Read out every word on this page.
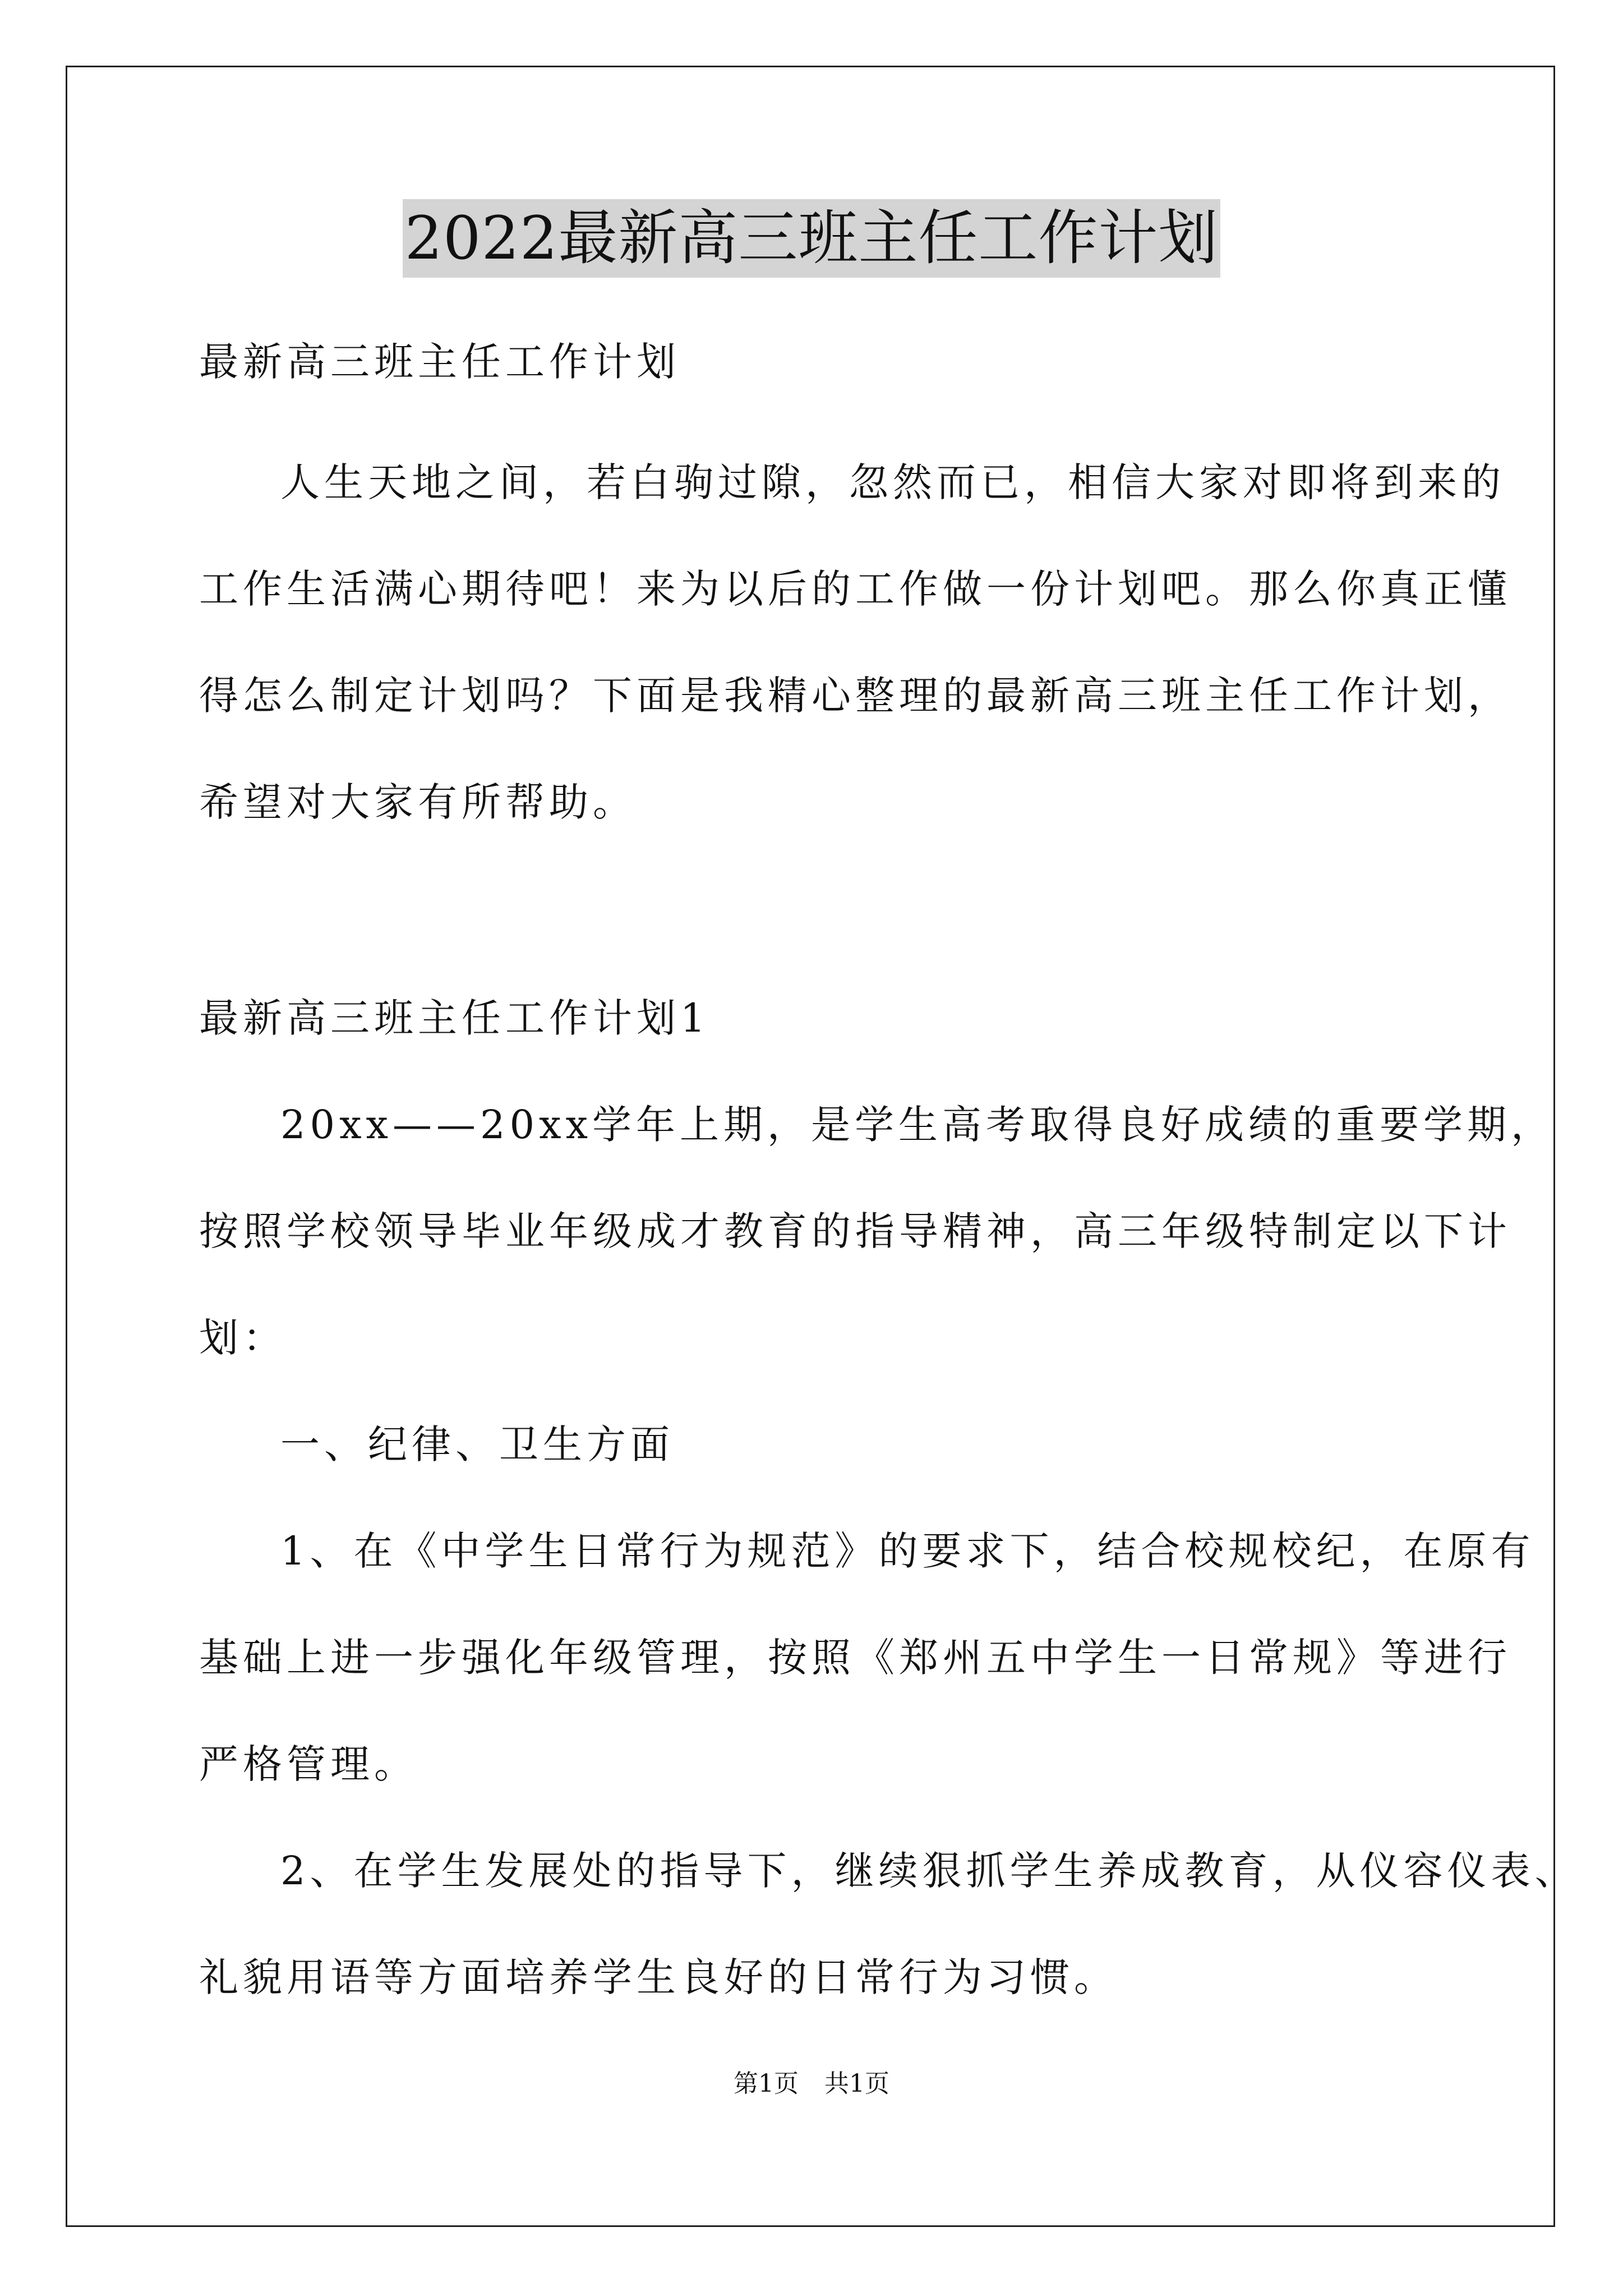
2022最新高三班主任工作计划
最新高三班主任工作计划
人生天地之间，若白驹过隙，忽然而已，相信大家对即将到来的
工作生活满心期待吧！来为以后的工作做一份计划吧。那么你真正懂
得怎么制定计划吗？下面是我精心整理的最新高三班主任工作计划，
希望对大家有所帮助。
最新高三班主任工作计划1
20xx——20xx学年上期，是学生高考取得良好成绩的重要学期，
按照学校领导毕业年级成才教育的指导精神，高三年级特制定以下计
划：
一、纪律、卫生方面
1、在《中学生日常行为规范》的要求下，结合校规校纪，在原有
基础上进一步强化年级管理，按照《郑州五中学生一日常规》等进行
严格管理。
2、在学生发展处的指导下，继续狠抓学生养成教育，从仪容仪表、
礼貌用语等方面培养学生良好的日常行为习惯。
第1页 共1页
